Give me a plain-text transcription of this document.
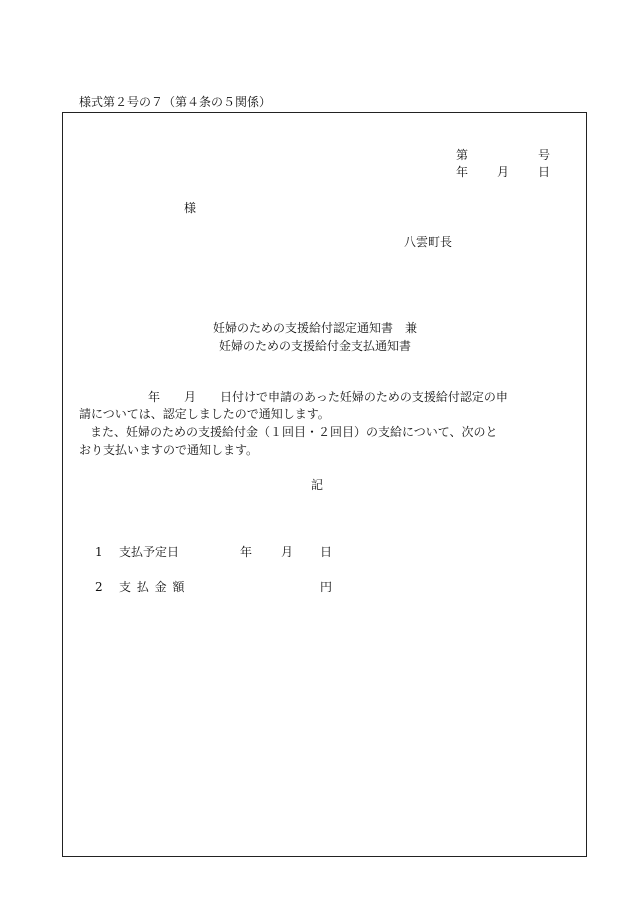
様式第２号の７（第４条の５関係）
第	号
年 月 日
様
八雲町長
妊婦のための支援給付認定通知書　兼
妊婦のための支援給付金支払通知書
年　　月　　日付けで申請のあった妊婦のための支援給付認定の申
請については、認定しましたので通知します。
また、妊婦のための支援給付金（１回目・２回目）の支給について、次のと
おり支払いますので通知します。
記
1 支払予定日	年 月 日
2 支 払 金 額	円
